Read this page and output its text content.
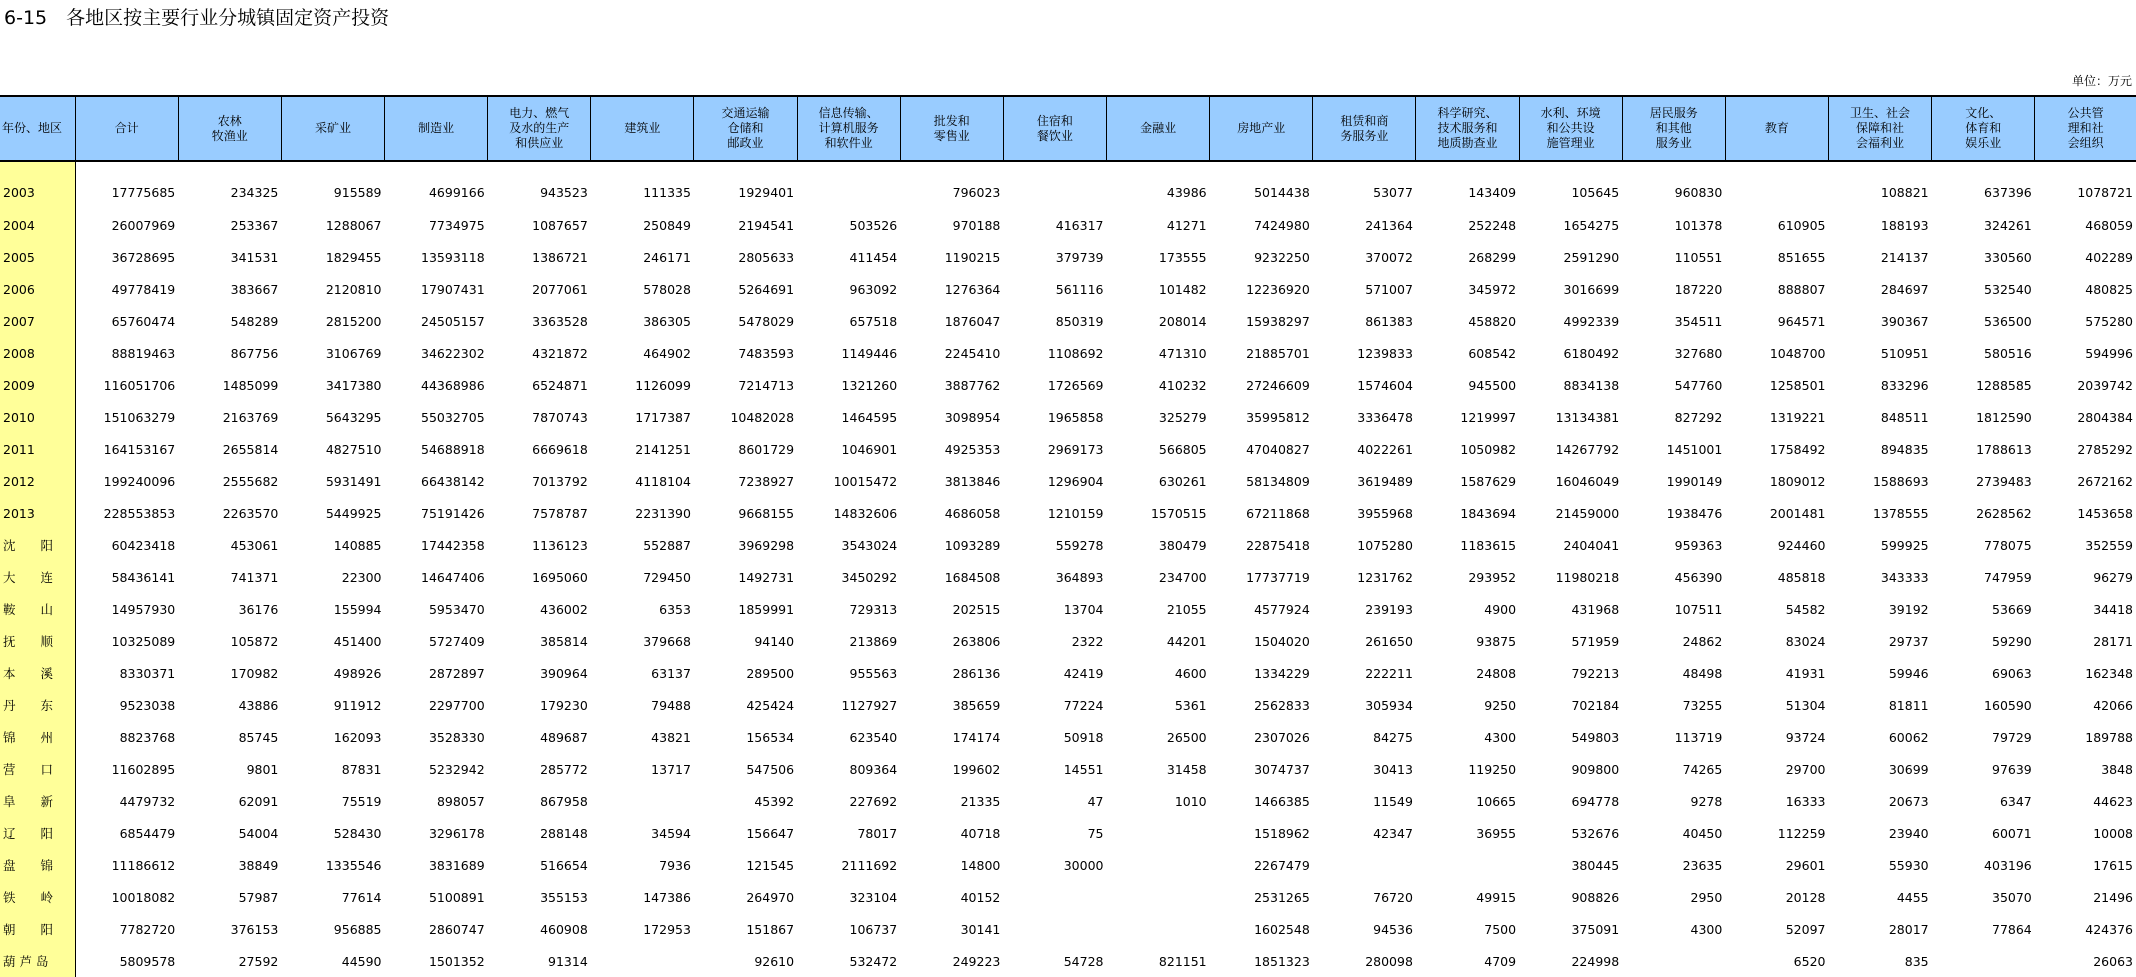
6-15　各地区按主要行业分城镇固定资产投资
单位：万元
年份、地区	合计	农林
牧渔业	采矿业	制造业	电力、燃气
及水的生产
和供应业	建筑业	交通运输
仓储和
邮政业	信息传输、
计算机服务
和软件业	批发和
零售业	住宿和
餐饮业	金融业	房地产业	租赁和商
务服务业	科学研究、
技术服务和
地质勘查业	水利、环境
和公共设
施管理业	居民服务
和其他
服务业	教育	卫生、社会
保障和社
会福利业	文化、
体育和
娱乐业	公共管
理和社
会组织
2003	17775685	234325	915589	4699166	943523	111335	1929401		796023		43986	5014438	53077	143409	105645	960830		108821	637396	1078721
2004	26007969	253367	1288067	7734975	1087657	250849	2194541	503526	970188	416317	41271	7424980	241364	252248	1654275	101378	610905	188193	324261	468059
2005	36728695	341531	1829455	13593118	1386721	246171	2805633	411454	1190215	379739	173555	9232250	370072	268299	2591290	110551	851655	214137	330560	402289
2006	49778419	383667	2120810	17907431	2077061	578028	5264691	963092	1276364	561116	101482	12236920	571007	345972	3016699	187220	888807	284697	532540	480825
2007	65760474	548289	2815200	24505157	3363528	386305	5478029	657518	1876047	850319	208014	15938297	861383	458820	4992339	354511	964571	390367	536500	575280
2008	88819463	867756	3106769	34622302	4321872	464902	7483593	1149446	2245410	1108692	471310	21885701	1239833	608542	6180492	327680	1048700	510951	580516	594996
2009	116051706	1485099	3417380	44368986	6524871	1126099	7214713	1321260	3887762	1726569	410232	27246609	1574604	945500	8834138	547760	1258501	833296	1288585	2039742
2010	151063279	2163769	5643295	55032705	7870743	1717387	10482028	1464595	3098954	1965858	325279	35995812	3336478	1219997	13134381	827292	1319221	848511	1812590	2804384
2011	164153167	2655814	4827510	54688918	6669618	2141251	8601729	1046901	4925353	2969173	566805	47040827	4022261	1050982	14267792	1451001	1758492	894835	1788613	2785292
2012	199240096	2555682	5931491	66438142	7013792	4118104	7238927	10015472	3813846	1296904	630261	58134809	3619489	1587629	16046049	1990149	1809012	1588693	2739483	2672162
2013	228553853	2263570	5449925	75191426	7578787	2231390	9668155	14832606	4686058	1210159	1570515	67211868	3955968	1843694	21459000	1938476	2001481	1378555	2628562	1453658
沈　　阳	60423418	453061	140885	17442358	1136123	552887	3969298	3543024	1093289	559278	380479	22875418	1075280	1183615	2404041	959363	924460	599925	778075	352559
大　　连	58436141	741371	22300	14647406	1695060	729450	1492731	3450292	1684508	364893	234700	17737719	1231762	293952	11980218	456390	485818	343333	747959	96279
鞍　　山	14957930	36176	155994	5953470	436002	6353	1859991	729313	202515	13704	21055	4577924	239193	4900	431968	107511	54582	39192	53669	34418
抚　　顺	10325089	105872	451400	5727409	385814	379668	94140	213869	263806	2322	44201	1504020	261650	93875	571959	24862	83024	29737	59290	28171
本　　溪	8330371	170982	498926	2872897	390964	63137	289500	955563	286136	42419	4600	1334229	222211	24808	792213	48498	41931	59946	69063	162348
丹　　东	9523038	43886	911912	2297700	179230	79488	425424	1127927	385659	77224	5361	2562833	305934	9250	702184	73255	51304	81811	160590	42066
锦　　州	8823768	85745	162093	3528330	489687	43821	156534	623540	174174	50918	26500	2307026	84275	4300	549803	113719	93724	60062	79729	189788
营　　口	11602895	9801	87831	5232942	285772	13717	547506	809364	199602	14551	31458	3074737	30413	119250	909800	74265	29700	30699	97639	3848
阜　　新	4479732	62091	75519	898057	867958		45392	227692	21335	47	1010	1466385	11549	10665	694778	9278	16333	20673	6347	44623
辽　　阳	6854479	54004	528430	3296178	288148	34594	156647	78017	40718	75		1518962	42347	36955	532676	40450	112259	23940	60071	10008
盘　　锦	11186612	38849	1335546	3831689	516654	7936	121545	2111692	14800	30000		2267479			380445	23635	29601	55930	403196	17615
铁　　岭	10018082	57987	77614	5100891	355153	147386	264970	323104	40152			2531265	76720	49915	908826	2950	20128	4455	35070	21496
朝　　阳	7782720	376153	956885	2860747	460908	172953	151867	106737	30141			1602548	94536	7500	375091	4300	52097	28017	77864	424376
葫 芦 岛	5809578	27592	44590	1501352	91314		92610	532472	249223	54728	821151	1851323	280098	4709	224998		6520	835		26063
